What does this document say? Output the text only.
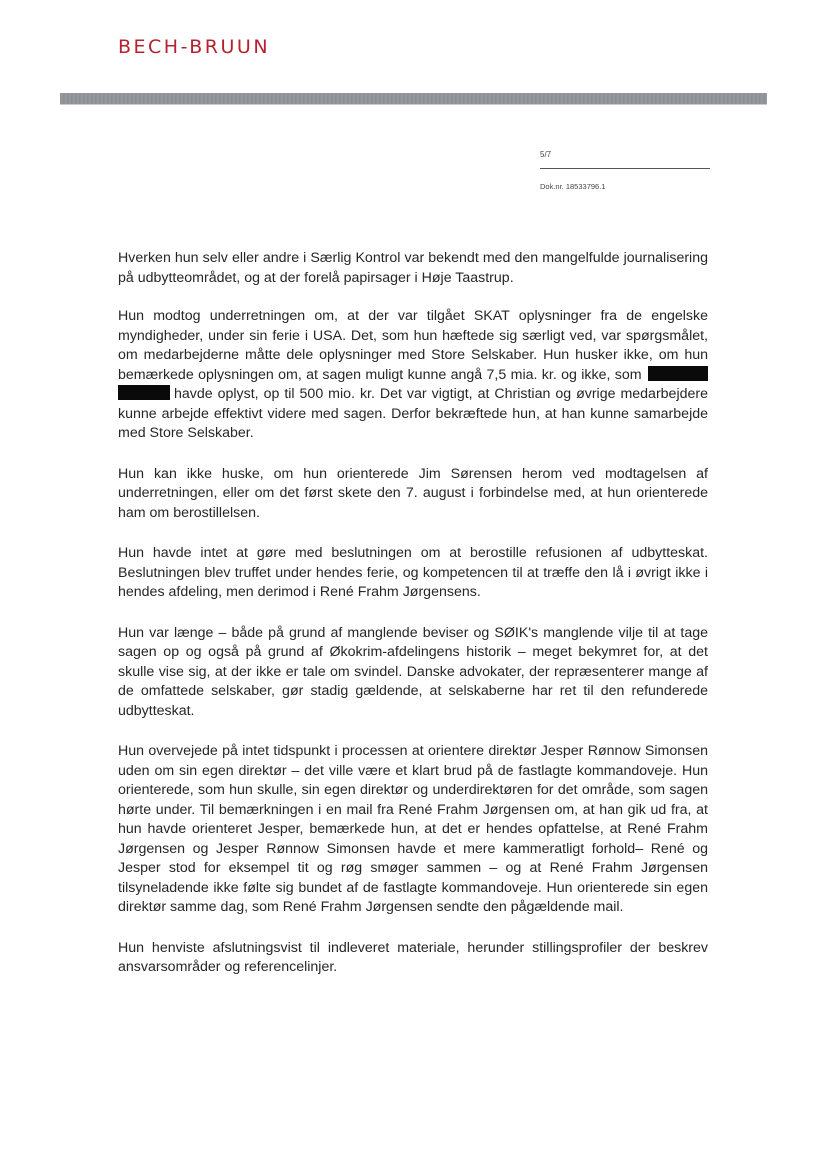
BECH-BRUUN
5/7
Dok.nr. 18533796.1

Hverken hun selv eller andre i Særlig Kontrol var bekendt med den mangelfulde journalisering på udbytteområdet, og at der forelå papirsager i Høje Taastrup.

Hun modtog underretningen om, at der var tilgået SKAT oplysninger fra de engelske myndigheder, under sin ferie i USA. Det, som hun hæftede sig særligt ved, var spørgsmålet, om medarbejderne måtte dele oplysninger med Store Selskaber. Hun husker ikke, om hun bemærkede oplysningen om, at sagen muligt kunne angå 7,5 mia. kr. og ikke, som  havde oplyst, op til 500 mio. kr. Det var vigtigt, at Christian og øvrige medarbejdere kunne arbejde effektivt videre med sagen. Derfor bekræftede hun, at han kunne samarbejde med Store Selskaber.

Hun kan ikke huske, om hun orienterede Jim Sørensen herom ved modtagelsen af underretningen, eller om det først skete den 7. august i forbindelse med, at hun orienterede ham om berostillelsen.

Hun havde intet at gøre med beslutningen om at berostille refusionen af udbytteskat. Beslutningen blev truffet under hendes ferie, og kompetencen til at træffe den lå i øvrigt ikke i hendes afdeling, men derimod i René Frahm Jørgensens.

Hun var længe – både på grund af manglende beviser og SØIK's manglende vilje til at tage sagen op og også på grund af Økokrim-afdelingens historik – meget bekymret for, at det skulle vise sig, at der ikke er tale om svindel. Danske advokater, der repræsenterer mange af de omfattede selskaber, gør stadig gældende, at selskaberne har ret til den refunderede udbytteskat.

Hun overvejede på intet tidspunkt i processen at orientere direktør Jesper Rønnow Simonsen uden om sin egen direktør – det ville være et klart brud på de fastlagte kommandoveje. Hun orienterede, som hun skulle, sin egen direktør og underdirektøren for det område, som sagen hørte under. Til bemærkningen i en mail fra René Frahm Jørgensen om, at han gik ud fra, at hun havde orienteret Jesper, bemærkede hun, at det er hendes opfattelse, at René Frahm Jørgensen og Jesper Rønnow Simonsen havde et mere kammeratligt forhold– René og Jesper stod for eksempel tit og røg smøger sammen – og at René Frahm Jørgensen tilsyneladende ikke følte sig bundet af de fastlagte kommandoveje. Hun orienterede sin egen direktør samme dag, som René Frahm Jørgensen sendte den pågældende mail.

Hun henviste afslutningsvist til indleveret materiale, herunder stillingsprofiler der beskrev ansvarsområder og referencelinjer.
